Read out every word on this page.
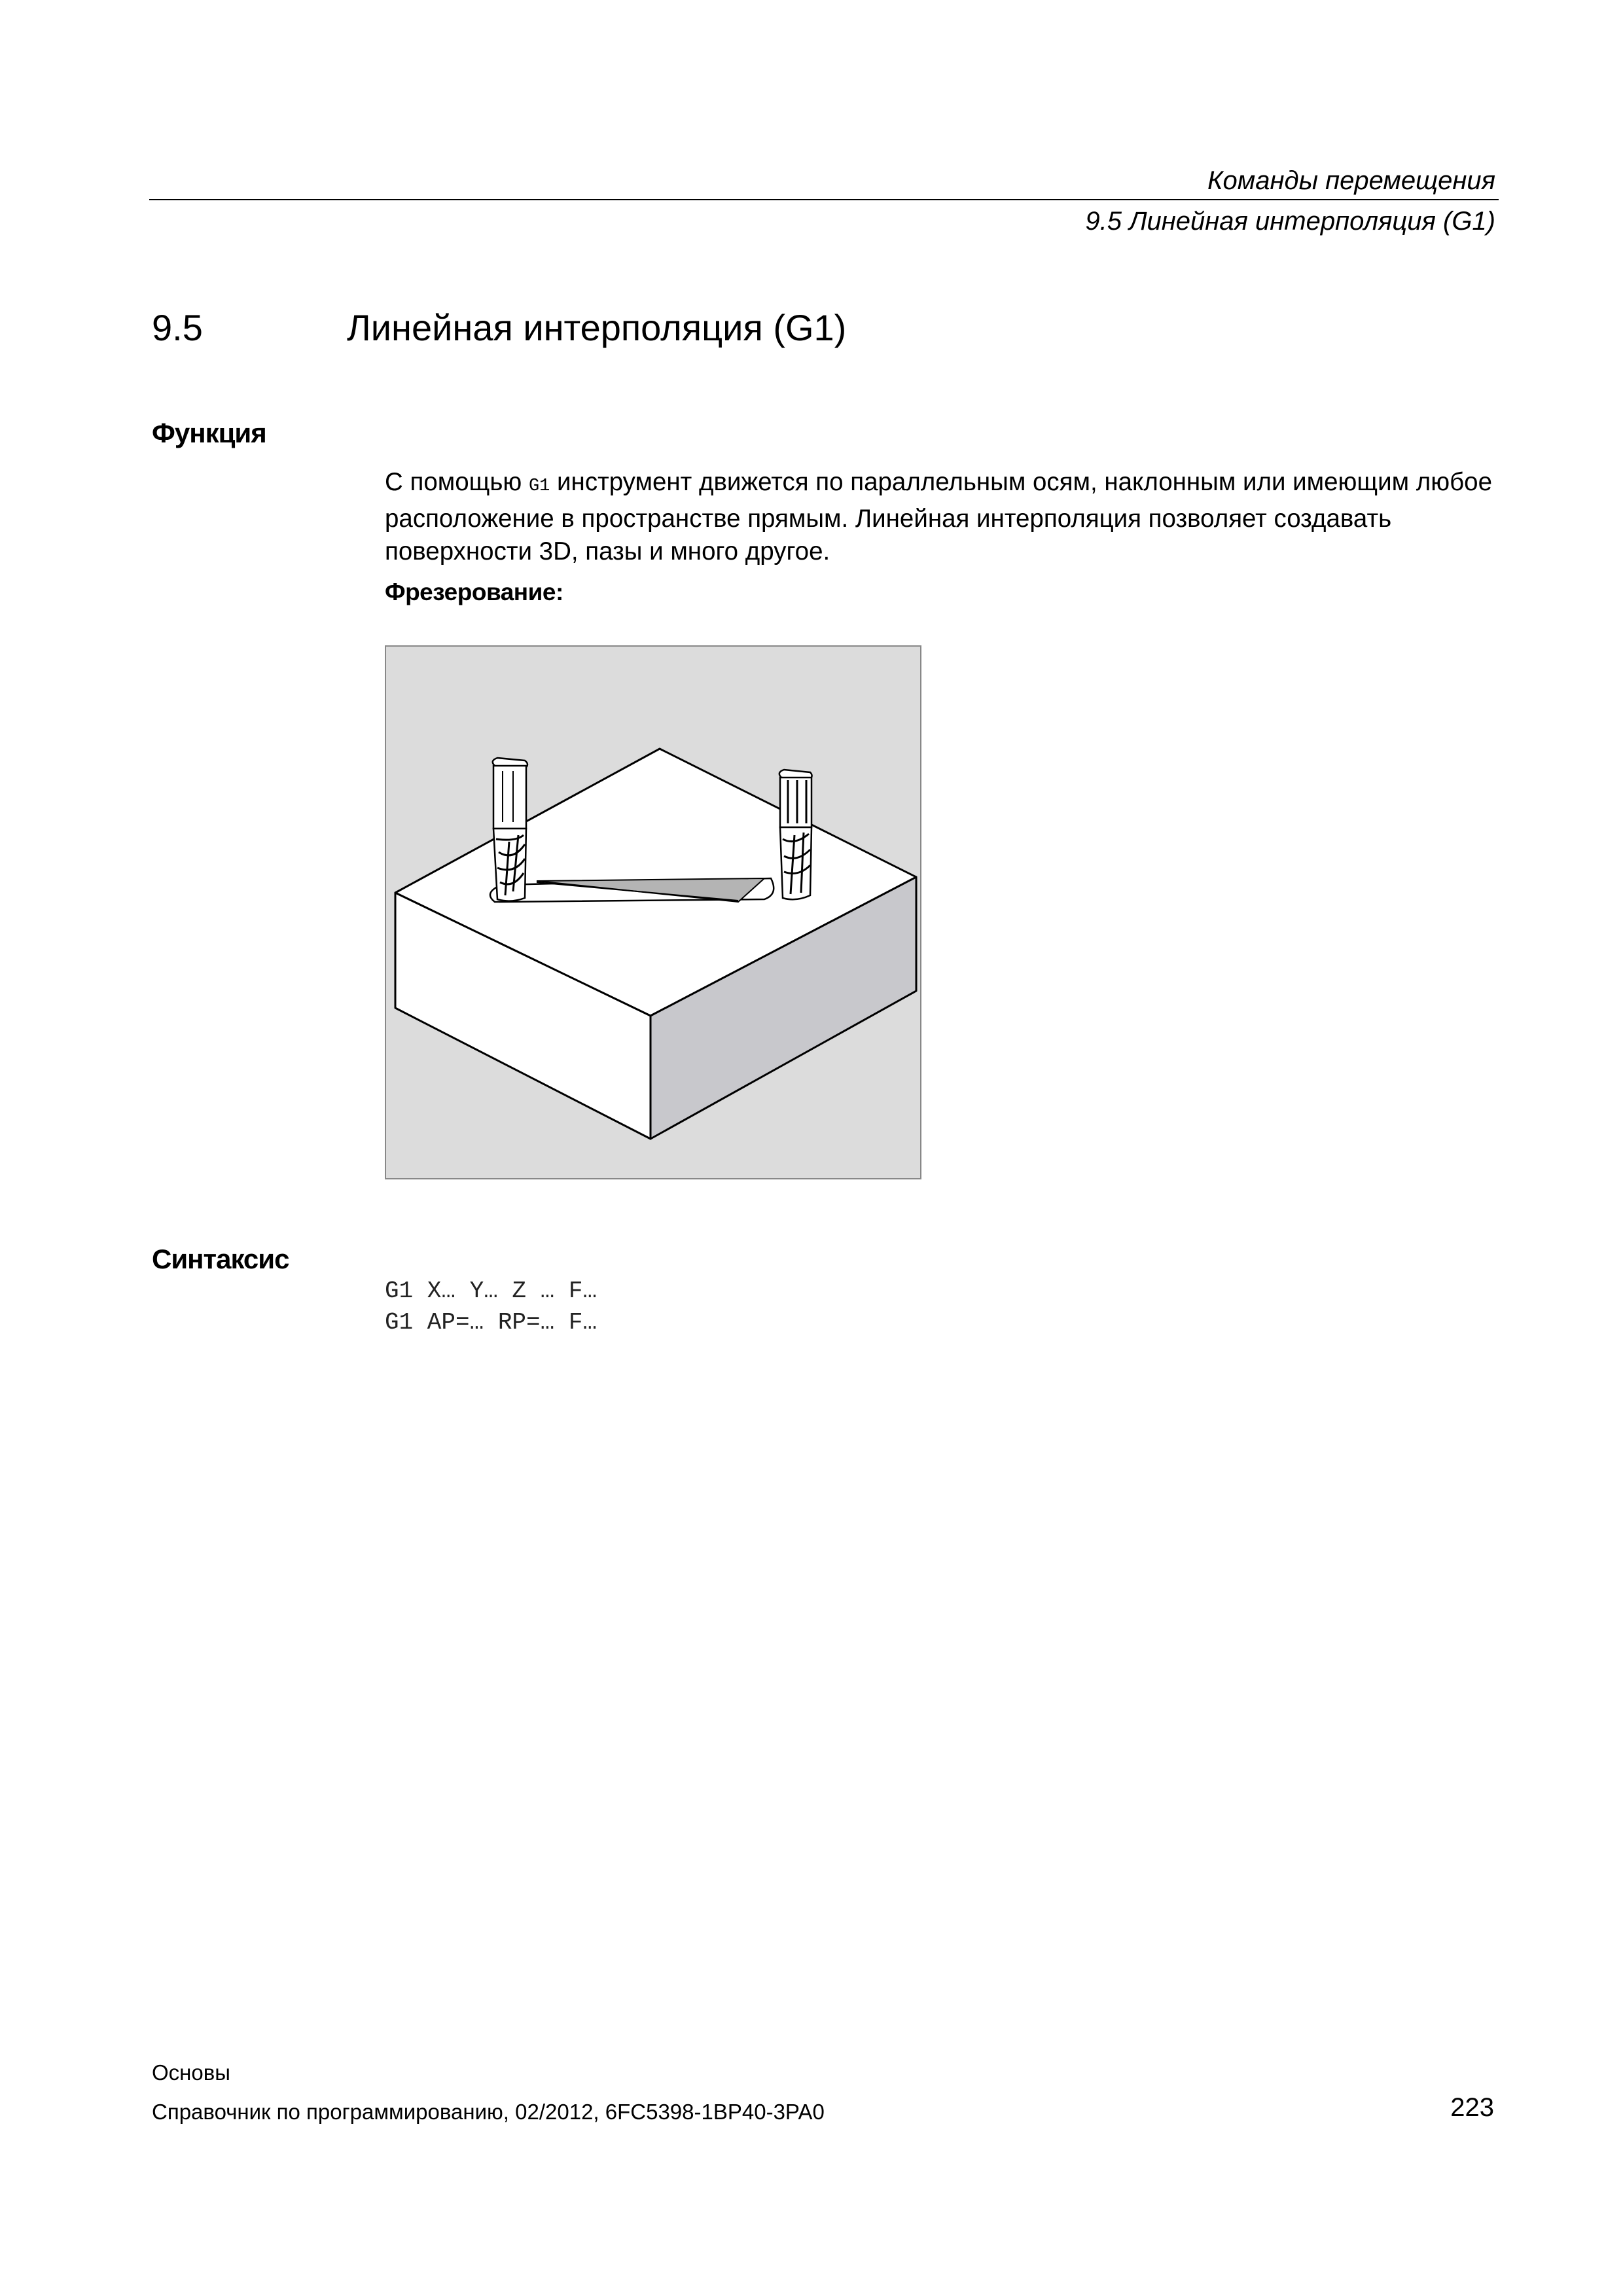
Команды перемещения
9.5 Линейная интерполяция (G1)
9.5	Линейная интерполяция (G1)
Функция
С помощью G1 инструмент движется по параллельным осям, наклонным или имеющим любое расположение в пространстве прямым. Линейная интерполяция позволяет создавать поверхности 3D, пазы и много другое.
Фрезерование:
Синтаксис
G1 X… Y… Z … F…
G1 AP=… RP=… F…
Основы
Справочник по программированию, 02/2012, 6FC5398-1BP40-3PA0	223
